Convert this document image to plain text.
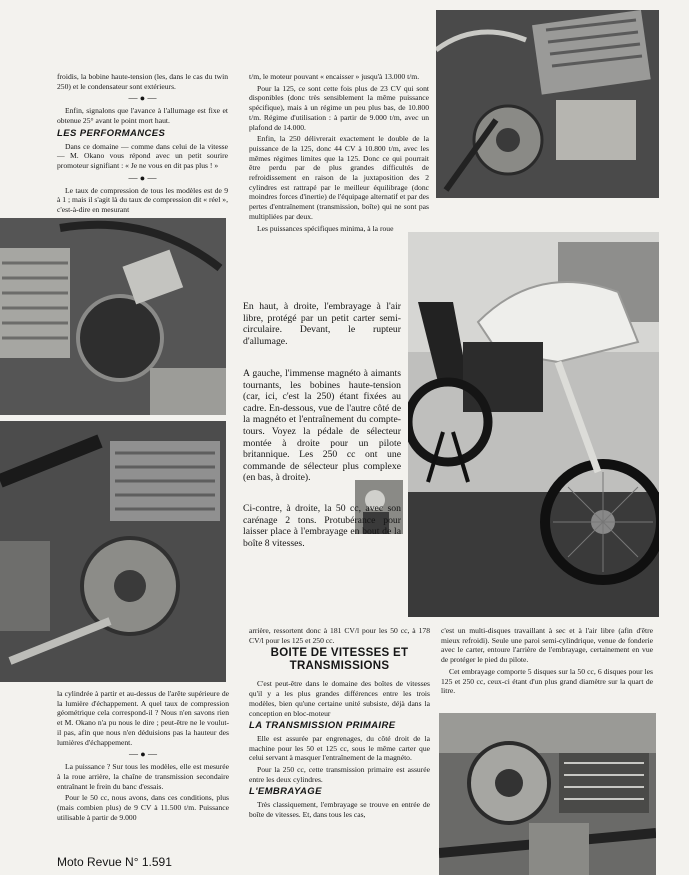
froidis, la bobine haute-tension (les, dans le cas du twin 250) et le condensateur sont extérieurs.

— ● —

Enfin, signalons que l'avance à l'allumage est fixe et obtenue 25° avant le point mort haut.

LES PERFORMANCES

Dans ce domaine — comme dans celui de la vitesse — M. Okano vous répond avec un petit sourire promoteur signifiant : « Je ne vous en dit pas plus ! »

— ● —

Le taux de compression de tous les modèles est de 9 à 1 ; mais il s'agit là du taux de compression dit « réel », c'est-à-dire en mesurant

t/m, le moteur pouvant « encaisser » jusqu'à 13.000 t/m.

Pour la 125, ce sont cette fois plus de 23 CV qui sont disponibles (donc très sensiblement la même puissance spécifique), mais à un régime un peu plus bas, de 10.800 t/m. Régime d'utilisation : à partir de 9.000 t/m, avec un plafond de 14.000.

Enfin, la 250 délivrerait exactement le double de la puissance de la 125, donc 44 CV à 10.800 t/m, avec les mêmes régimes limites que la 125. Donc ce qui pourrait être perdu par de plus grandes difficultés de refroidissement en raison de la juxtaposition des 2 cylindres est rattrapé par le meilleur équilibrage (donc moindres forces d'inertie) de l'équipage alternatif et par des pertes d'entraînement (transmission, boîte) qui ne sont pas multipliées par deux.

Les puissances spécifiques minima, à la roue

En haut, à droite, l'embrayage à l'air libre, protégé par un petit carter semi-circulaire. Devant, le rupteur d'allumage.

A gauche, l'immense magnéto à aimants tournants, les bobines haute-tension (car, ici, c'est la 250) étant fixées au cadre. En-dessous, vue de l'autre côté de la magnéto et l'entraînement du compte-tours. Voyez la pédale de sélecteur montée à droite pour un pilote britannique. Les 250 cc ont une commande de sélecteur plus complexe (en bas, à droite).

Ci-contre, à droite, la 50 cc, avec son carénage 2 tons. Protubérance pour laisser place à l'embrayage en bout de la boîte 8 vitesses.

la cylindrée à partir et au-dessus de l'arête supérieure de la lumière d'échappement. A quel taux de compression géométrique cela correspond-il ? Nous n'en savons rien et M. Okano n'a pu nous le dire ; peut-être ne le voulut-il pas, afin que nous n'en déduisions pas la hauteur des lumières d'échappement.

— ● —

La puissance ? Sur tous les modèles, elle est mesurée à la roue arrière, la chaîne de transmission secondaire entraînant le frein du banc d'essais.

Pour le 50 cc, nous avons, dans ces conditions, plus (mais combien plus) de 9 CV à 11.500 t/m. Puissance utilisable à partir de 9.000

arrière, ressortent donc à 181 CV/l pour les 50 cc, à 178 CV/l pour les 125 et 250 cc.

BOITE DE VITESSES ET TRANSMISSIONS

C'est peut-être dans le domaine des boîtes de vitesses qu'il y a les plus grandes différences entre les trois modèles, bien qu'une certaine unité subsiste, déjà dans la conception en bloc-moteur

LA TRANSMISSION PRIMAIRE

Elle est assurée par engrenages, du côté droit de la machine pour les 50 et 125 cc, sous le même carter que celui servant à masquer l'entraînement de la magnéto.

Pour la 250 cc, cette transmission primaire est assurée entre les deux cylindres.

L'EMBRAYAGE

Très classiquement, l'embrayage se trouve en entrée de boîte de vitesses. Et, dans tous les cas,

c'est un multi-disques travaillant à sec et à l'air libre (afin d'être mieux refroidi). Seule une paroi semi-cylindrique, venue de fonderie avec le carter, entoure l'arrière de l'embrayage, certainement en vue de protéger le pied du pilote.

Cet embrayage comporte 5 disques sur la 50 cc, 6 disques pour les 125 et 250 cc, ceux-ci étant d'un plus grand diamètre sur la quart de litre.

Moto Revue N° 1.591
